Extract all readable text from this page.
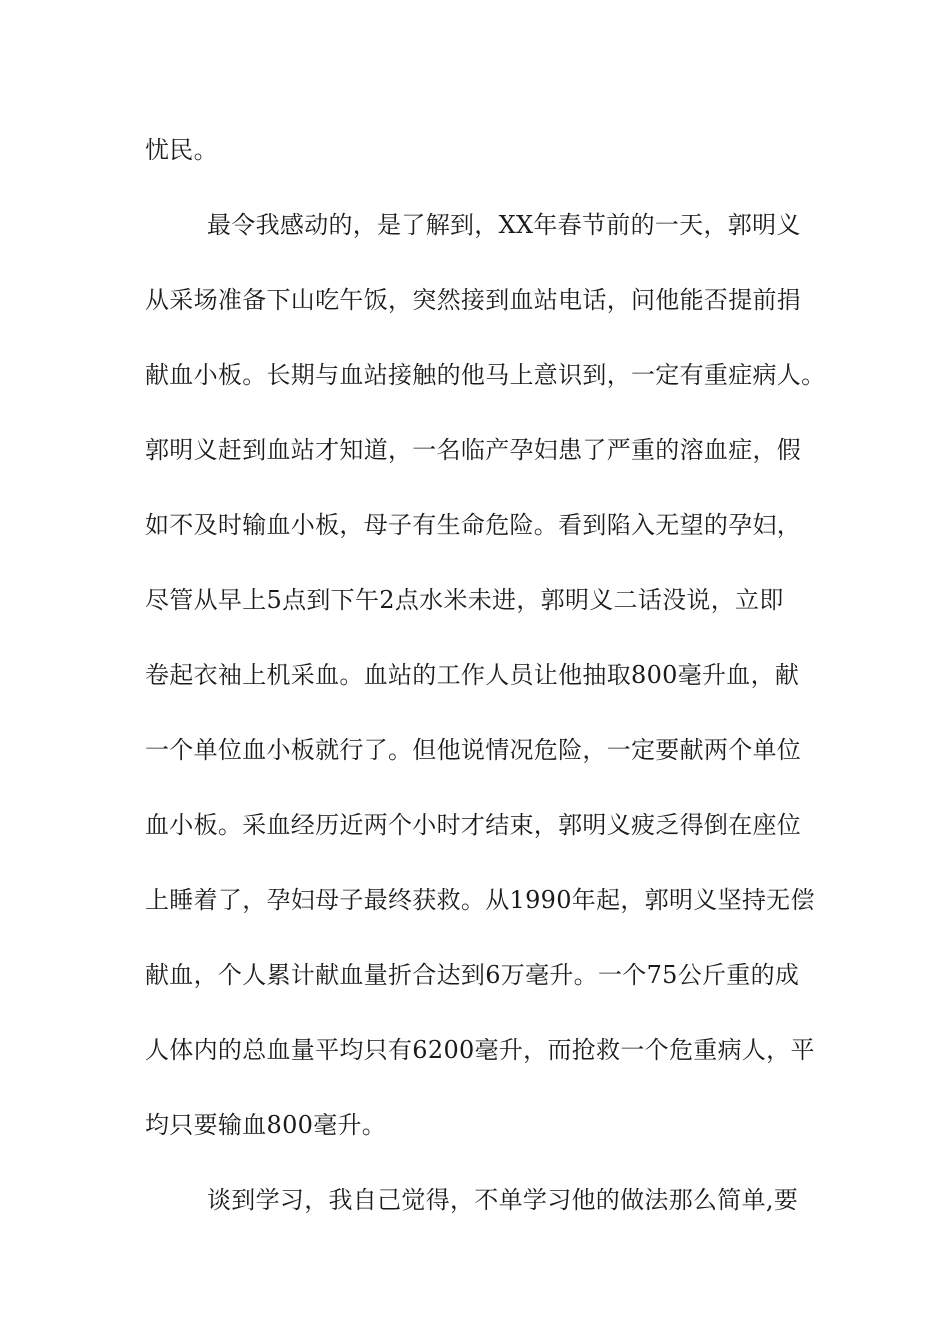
忧民。
最令我感动的，是了解到，XX年春节前的一天，郭明义
从采场准备下山吃午饭，突然接到血站电话，问他能否提前捐
献血小板。长期与血站接触的他马上意识到，一定有重症病人。
郭明义赶到血站才知道，一名临产孕妇患了严重的溶血症，假
如不及时输血小板，母子有生命危险。看到陷入无望的孕妇，
尽管从早上5点到下午2点水米未进，郭明义二话没说，立即
卷起衣袖上机采血。血站的工作人员让他抽取800毫升血，献
一个单位血小板就行了。但他说情况危险，一定要献两个单位
血小板。采血经历近两个小时才结束，郭明义疲乏得倒在座位
上睡着了，孕妇母子最终获救。从1990年起，郭明义坚持无偿
献血，个人累计献血量折合达到6万毫升。一个75公斤重的成
人体内的总血量平均只有6200毫升，而抢救一个危重病人，平
均只要输血800毫升。
谈到学习，我自己觉得，不单学习他的做法那么简单,要
